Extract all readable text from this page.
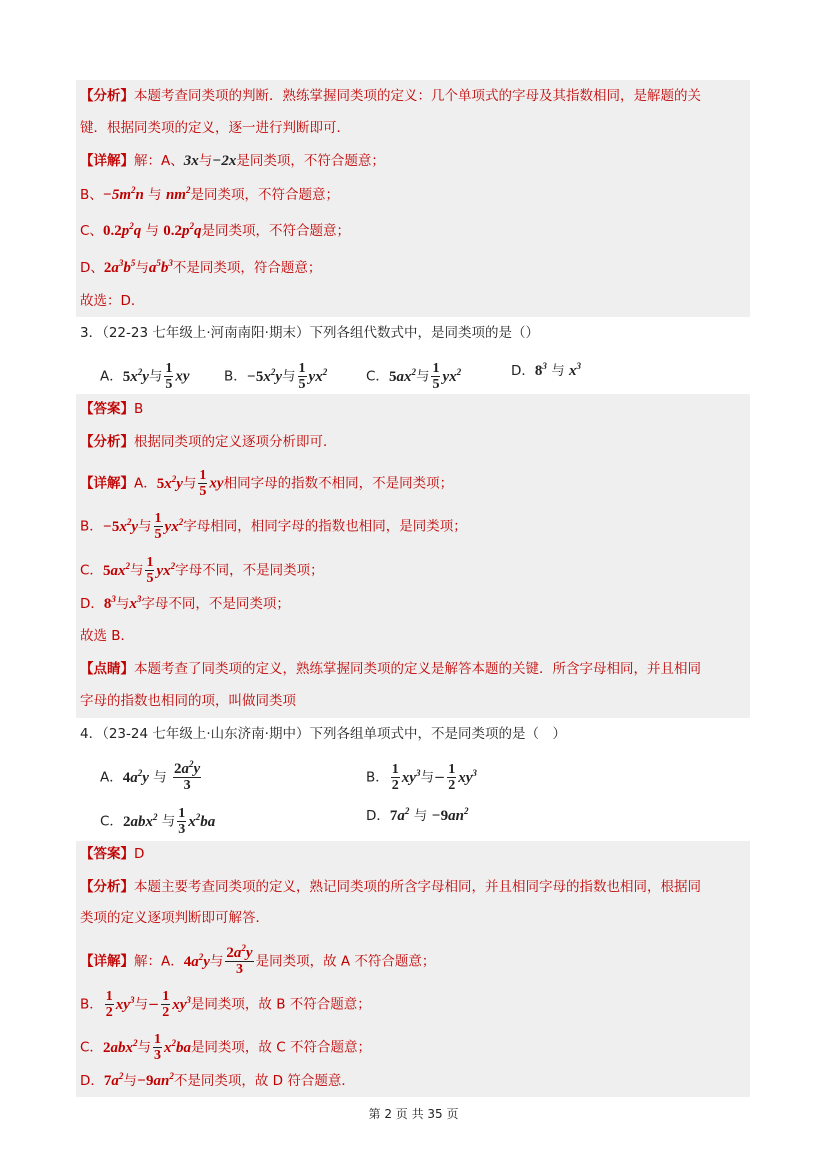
【分析】本题考查同类项的判断．熟练掌握同类项的定义：几个单项式的字母及其指数相同，是解题的关
键．根据同类项的定义，逐一进行判断即可．
【详解】解：A、3x与−2x是同类项，不符合题意；
B、$-5m^2n$ 与 $nm^2$是同类项，不符合题意；
C、$0.2p^2q$ 与 $0.2p^2q$是同类项，不符合题意；
D、$2a^3b^5$与$a^5b^3$不是同类项，符合题意；
故选：D．
3．（22-23 七年级上·河南南阳·期末）下列各组代数式中，是同类项的是（）
A．$5x^2y$与 $\frac{1}{5}$ xy	B．$-5x^2y$与 $\frac{1}{5} yx^2$	C．$5ax^2$与 $\frac{1}{5} yx^2$	D．$8^3$ 与 $x^3$
【答案】B
【分析】根据同类项的定义逐项分析即可．
【详解】A．$5x^2y$与 $\frac{1}{5}$ xy相同字母的指数不相同，不是同类项；
B．$-5x^2y$与 $\frac{1}{5} yx^2$字母相同，相同字母的指数也相同，是同类项；
C．$5ax^2$与 $\frac{1}{5} yx^2$字母不同，不是同类项；
D．$8^3$与$x^3$字母不同，不是同类项；
故选 B．
【点睛】本题考查了同类项的定义，熟练掌握同类项的定义是解答本题的关键．所含字母相同，并且相同
字母的指数也相同的项，叫做同类项
4．（23-24 七年级上·山东济南·期中）下列各组单项式中，不是同类项的是（　）
A．$4a^2y$ 与 $\frac{2a^2y}{3}$	B． $\frac{1}{2} xy^3$与− $\frac{1}{2} xy^3$
C．2abx$^2$ 与 $\frac{1}{3} x^2ba$	D．$7a^2$ 与 $-9an^2$
【答案】D
【分析】本题主要考查同类项的定义，熟记同类项的所含字母相同，并且相同字母的指数也相同，根据同
类项的定义逐项判断即可解答．
【详解】解：A．$4a^2y$与 $\frac{2a^2y}{3}$ 是同类项，故 A 不符合题意；
B． $\frac{1}{2} xy^3$与− $\frac{1}{2} xy^3$是同类项，故 B 不符合题意；
C．2abx$^2$与 $\frac{1}{3} x^2ba$是同类项，故 C 不符合题意；
D．$7a^2$与$-9an^2$不是同类项，故 D 符合题意．
第 2 页 共 35 页
